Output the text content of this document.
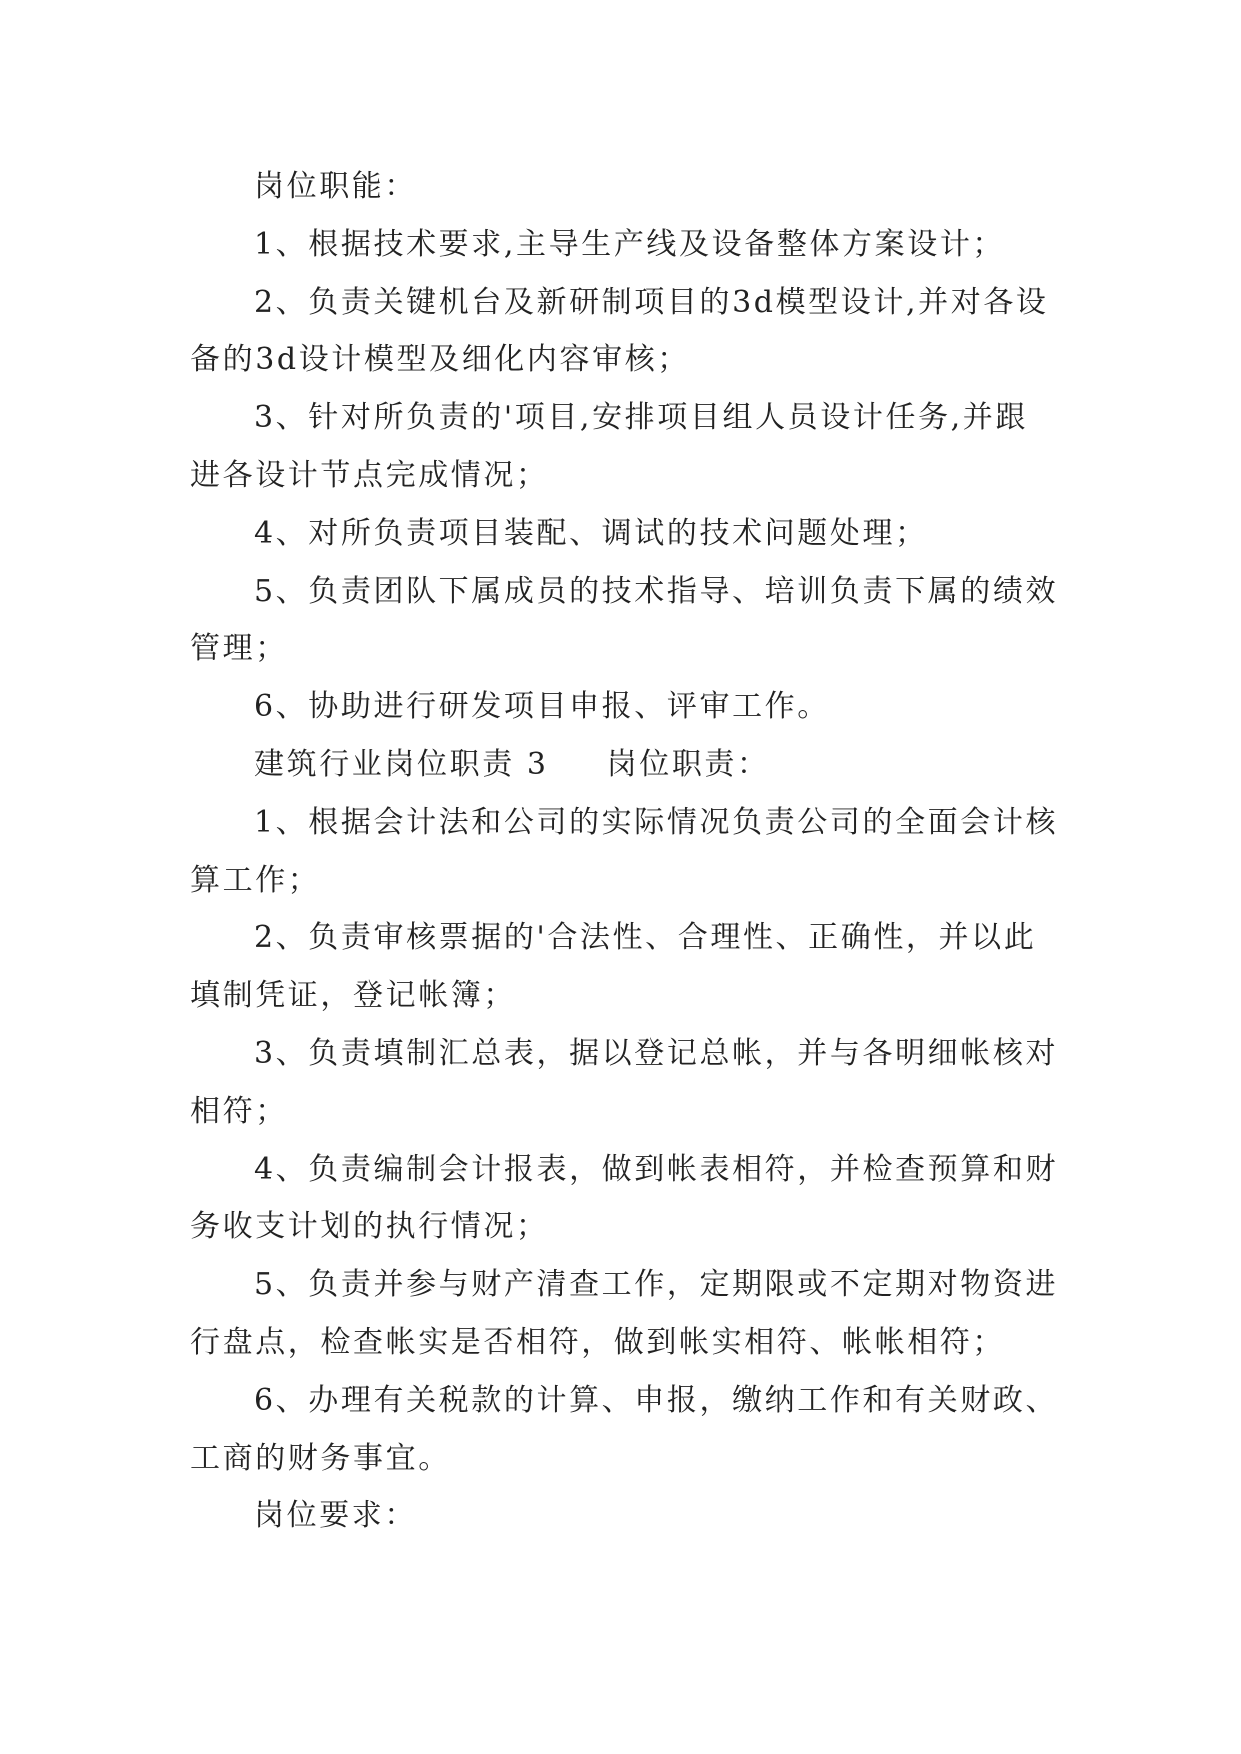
岗位职能：

1、根据技术要求,主导生产线及设备整体方案设计；

2、负责关键机台及新研制项目的3d模型设计,并对各设备的3d设计模型及细化内容审核；

3、针对所负责的'项目,安排项目组人员设计任务,并跟进各设计节点完成情况；

4、对所负责项目装配、调试的技术问题处理；

5、负责团队下属成员的技术指导、培训负责下属的绩效管理；

6、协助进行研发项目申报、评审工作。

建筑行业岗位职责 3 岗位职责：

1、根据会计法和公司的实际情况负责公司的全面会计核算工作；

2、负责审核票据的'合法性、合理性、正确性，并以此填制凭证，登记帐簿；

3、负责填制汇总表，据以登记总帐，并与各明细帐核对相符；

4、负责编制会计报表，做到帐表相符，并检查预算和财务收支计划的执行情况；

5、负责并参与财产清查工作，定期限或不定期对物资进行盘点，检查帐实是否相符，做到帐实相符、帐帐相符；

6、办理有关税款的计算、申报，缴纳工作和有关财政、工商的财务事宜。

岗位要求：
